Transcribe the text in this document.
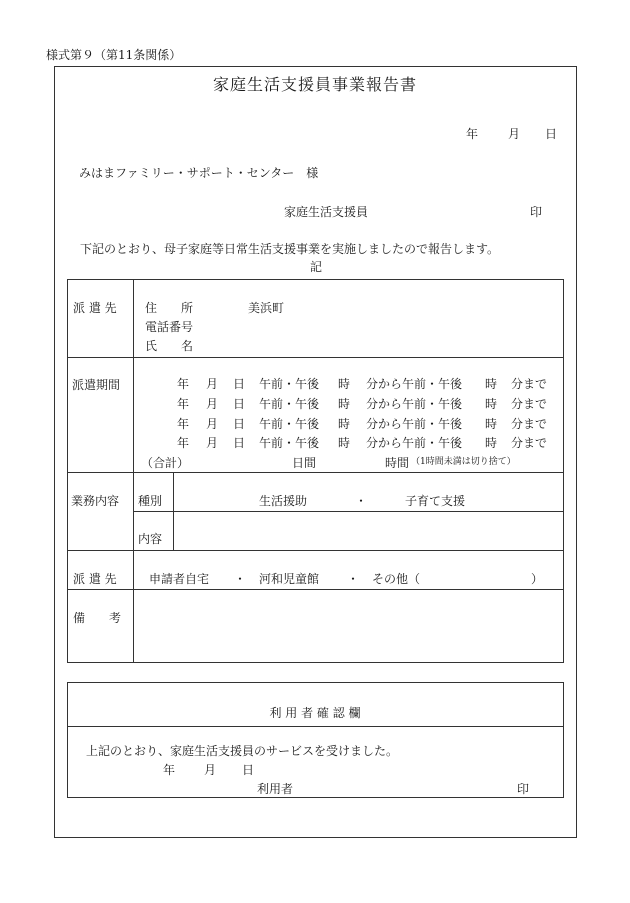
様式第９（第11条関係）
家庭生活支援員事業報告書
年 月 日
みはまファミリー・サポート・センター　様
家庭生活支援員	印
下記のとおり、母子家庭等日常生活支援事業を実施しましたので報告します。
記
派 遣 先 住　　所	美浜町
電話番号
氏　　名
派遣期間	年 月 日 午前・午後 時 分から午前・午後 時 分まで
年 月 日 午前・午後 時 分から午前・午後 時 分まで
年 月 日 午前・午後 時 分から午前・午後 時 分まで
年 月 日 午前・午後 時 分から午前・午後 時 分まで
（合計）	日間	時間 （1時間未満は切り捨て）
業務内容 種別	生活援助	・	子育て支援
内容
派 遣 先	申請者自宅 ・ 河和児童館 ・ その他（	）
備　　考
利 用 者 確 認 欄
上記のとおり、家庭生活支援員のサービスを受けました。
年 月 日
利用者	印
